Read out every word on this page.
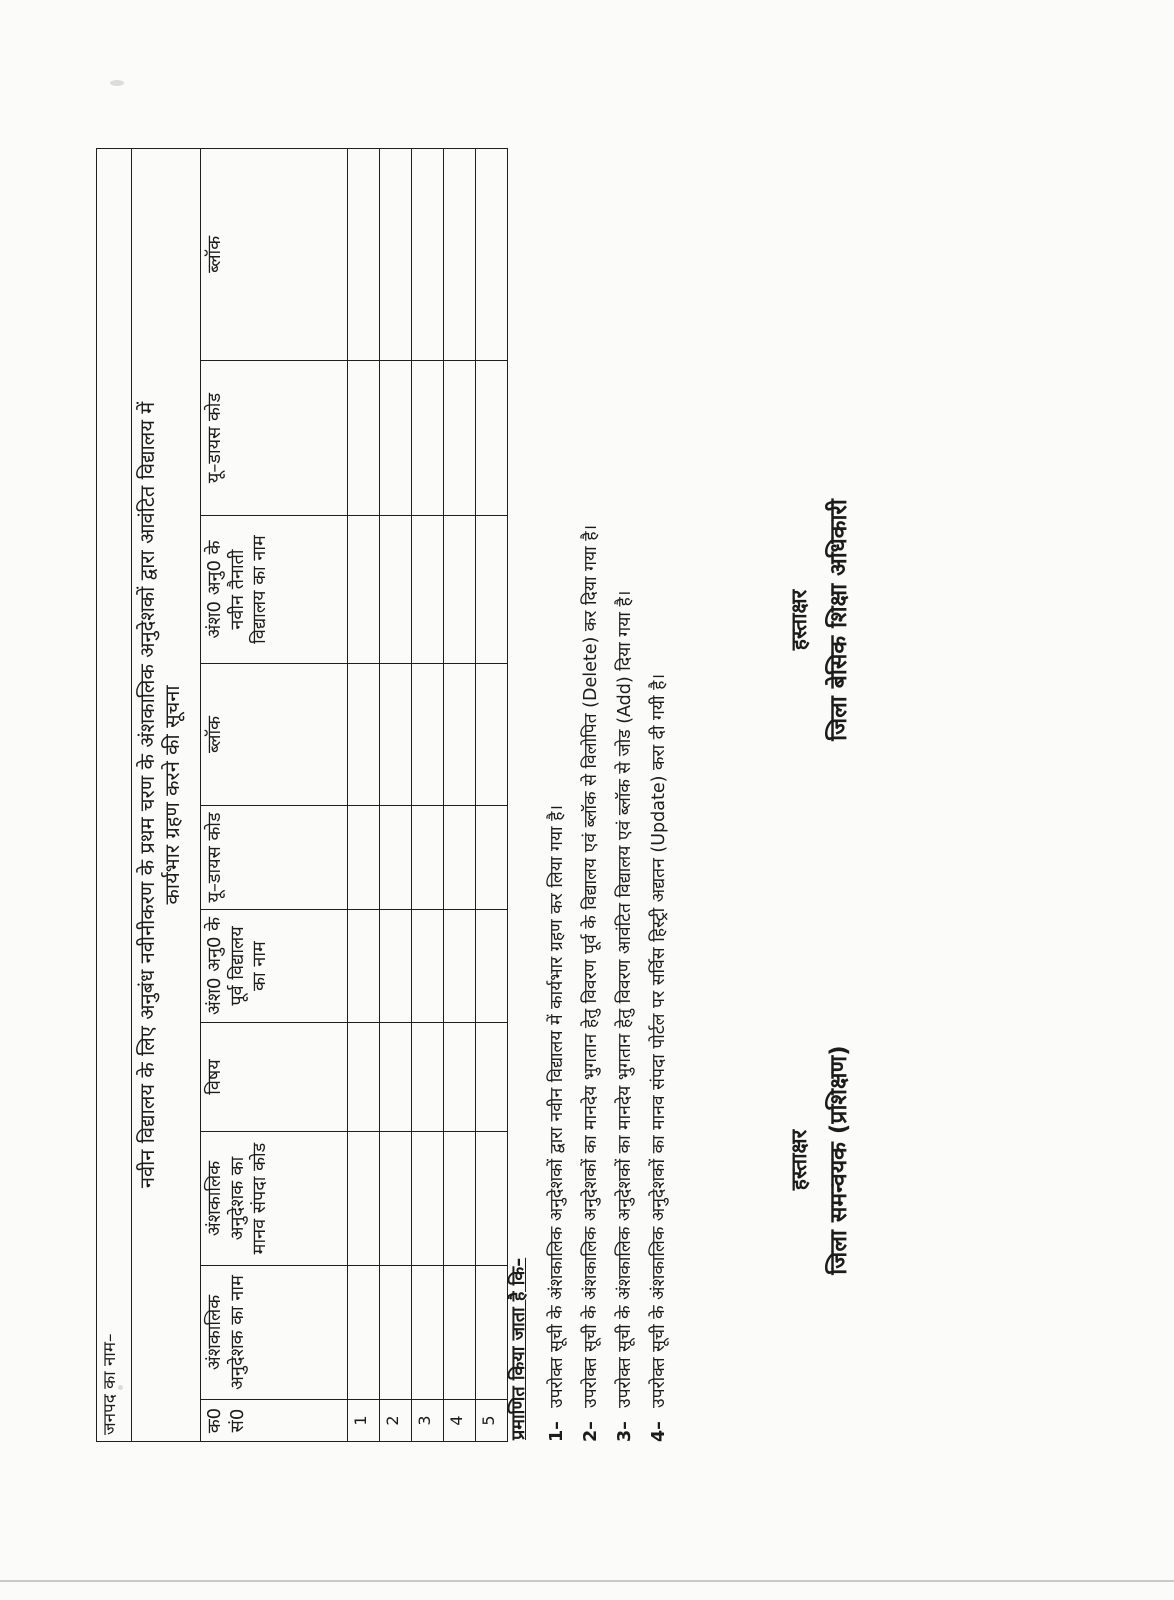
जनपद का नाम–									

नवीन विद्यालय के लिए अनुबंध नवीनीकरण के प्रथम चरण के अंशकालिक अनुदेशकों द्वारा आवंटित विद्यालय में कार्यभार ग्रहण करने की सूचना									

क0 सं0	अंशकालिक अनुदेशक का नाम	अंशकालिक अनुदेशक का मानव संपदा कोड	विषय	अंश0 अनु0 के पूर्व विद्यालय का नाम	यू–डायस कोड	ब्लॉक	अंश0 अनु0 के नवीन तैनाती विद्यालय का नाम	यू–डायस कोड	ब्लॉक
1									
2									
3									
4									
5									प्रमाणित किया जाता है कि–	1–उपरोक्त सूची के अंशकालिक अनुदेशकों द्वारा नवीन विद्यालय में कार्यभार ग्रहण कर लिया गया है।
2–उपरोक्त सूची के अंशकालिक अनुदेशकों का मानदेय भुगतान हेतु विवरण पूर्व के विद्यालय एवं ब्लॉक से विलोपित (Delete) कर दिया गया है।
3–उपरोक्त सूची के अंशकालिक अनुदेशकों का मानदेय भुगतान हेतु विवरण आवंटित विद्यालय एवं ब्लॉक से जोड (Add) दिया गया है।
4–उपरोक्त सूची के अंशकालिक अनुदेशकों का मानव संपदा पोर्टल पर सर्विस हिस्ट्री अद्यतन (Update) करा दी गयी है।	हस्ताक्षर जिला समन्वयक (प्रशिक्षण)
हस्ताक्षर जिला बेसिक शिक्षा अधिकारी
